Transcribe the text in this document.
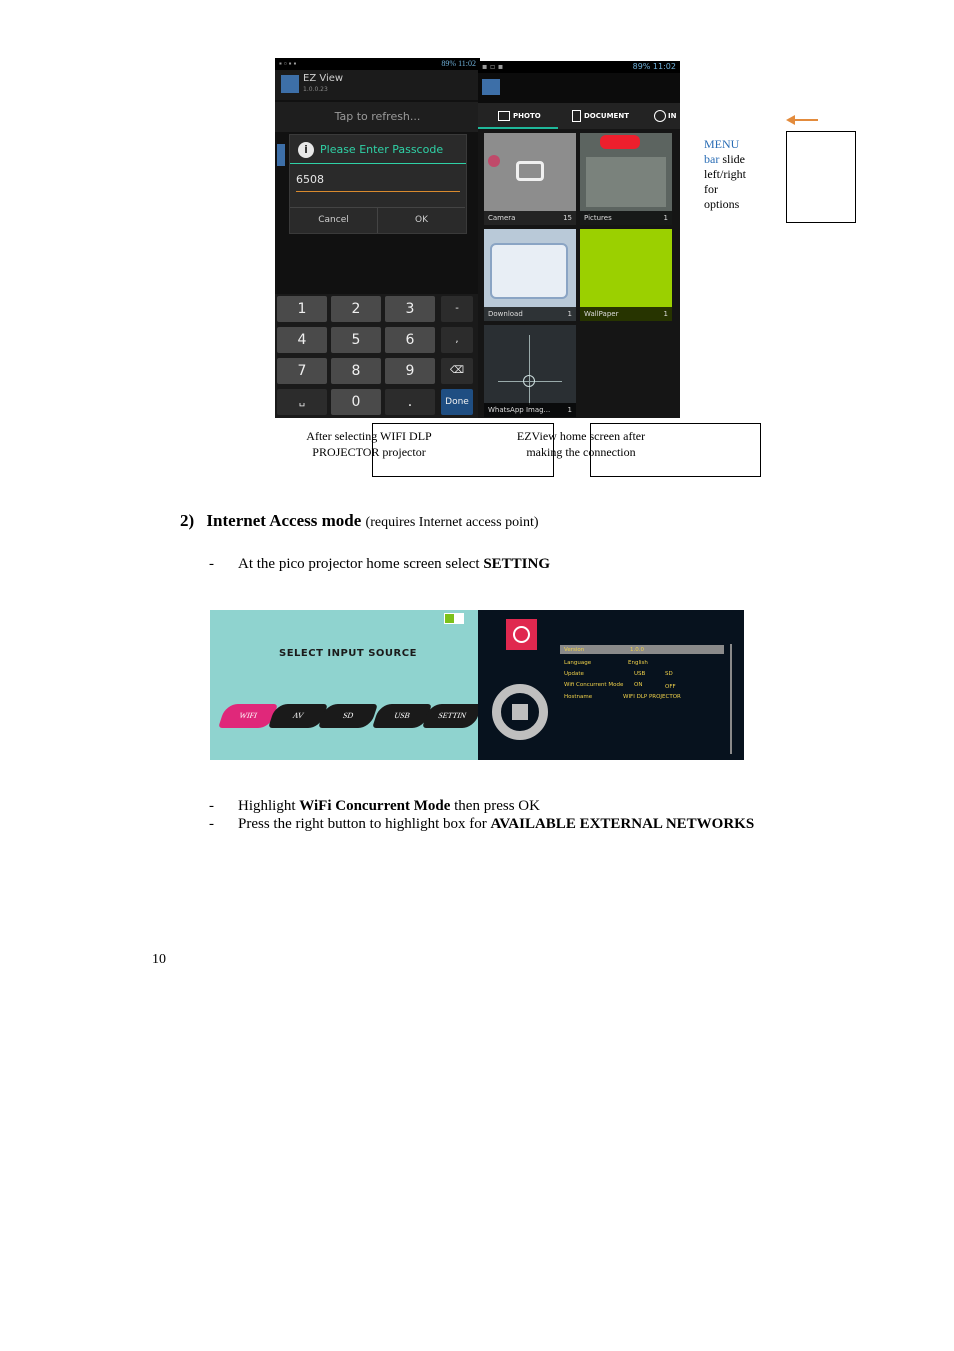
▪ ▫ ▪ ▪	89% 11:02
EZ View
1.0.0.23
Tap to refresh...
i	Please Enter Passcode
6508
Cancel	OK
1	2	3	-
4	5	6	,
7	8	9	⌫
␣	0	.	Done
▪ ▫ ▪	89% 11:02
PHOTO	DOCUMENT	IN
Camera	15	Pictures	1
Download	1	WallPaper	1
WhatsApp Imag... 1
MENU
bar slide
left/right
for
options
After selecting WIFI DLP
PROJECTOR projector
EZView home screen after
making the connection
2) Internet Access mode (requires Internet access point)
- At the pico projector home screen select SETTING
SELECT INPUT SOURCE
WIFI	AV	SD	USB	SETTIN
Version	1.0.0
Language	English
Update	USB	SD
Wifi Concurrent Mode ON	OFF
Hostname	WIFI DLP PROJECTOR
- Highlight WiFi Concurrent Mode then press OK
- Press the right button to highlight box for AVAILABLE EXTERNAL NETWORKS
10
